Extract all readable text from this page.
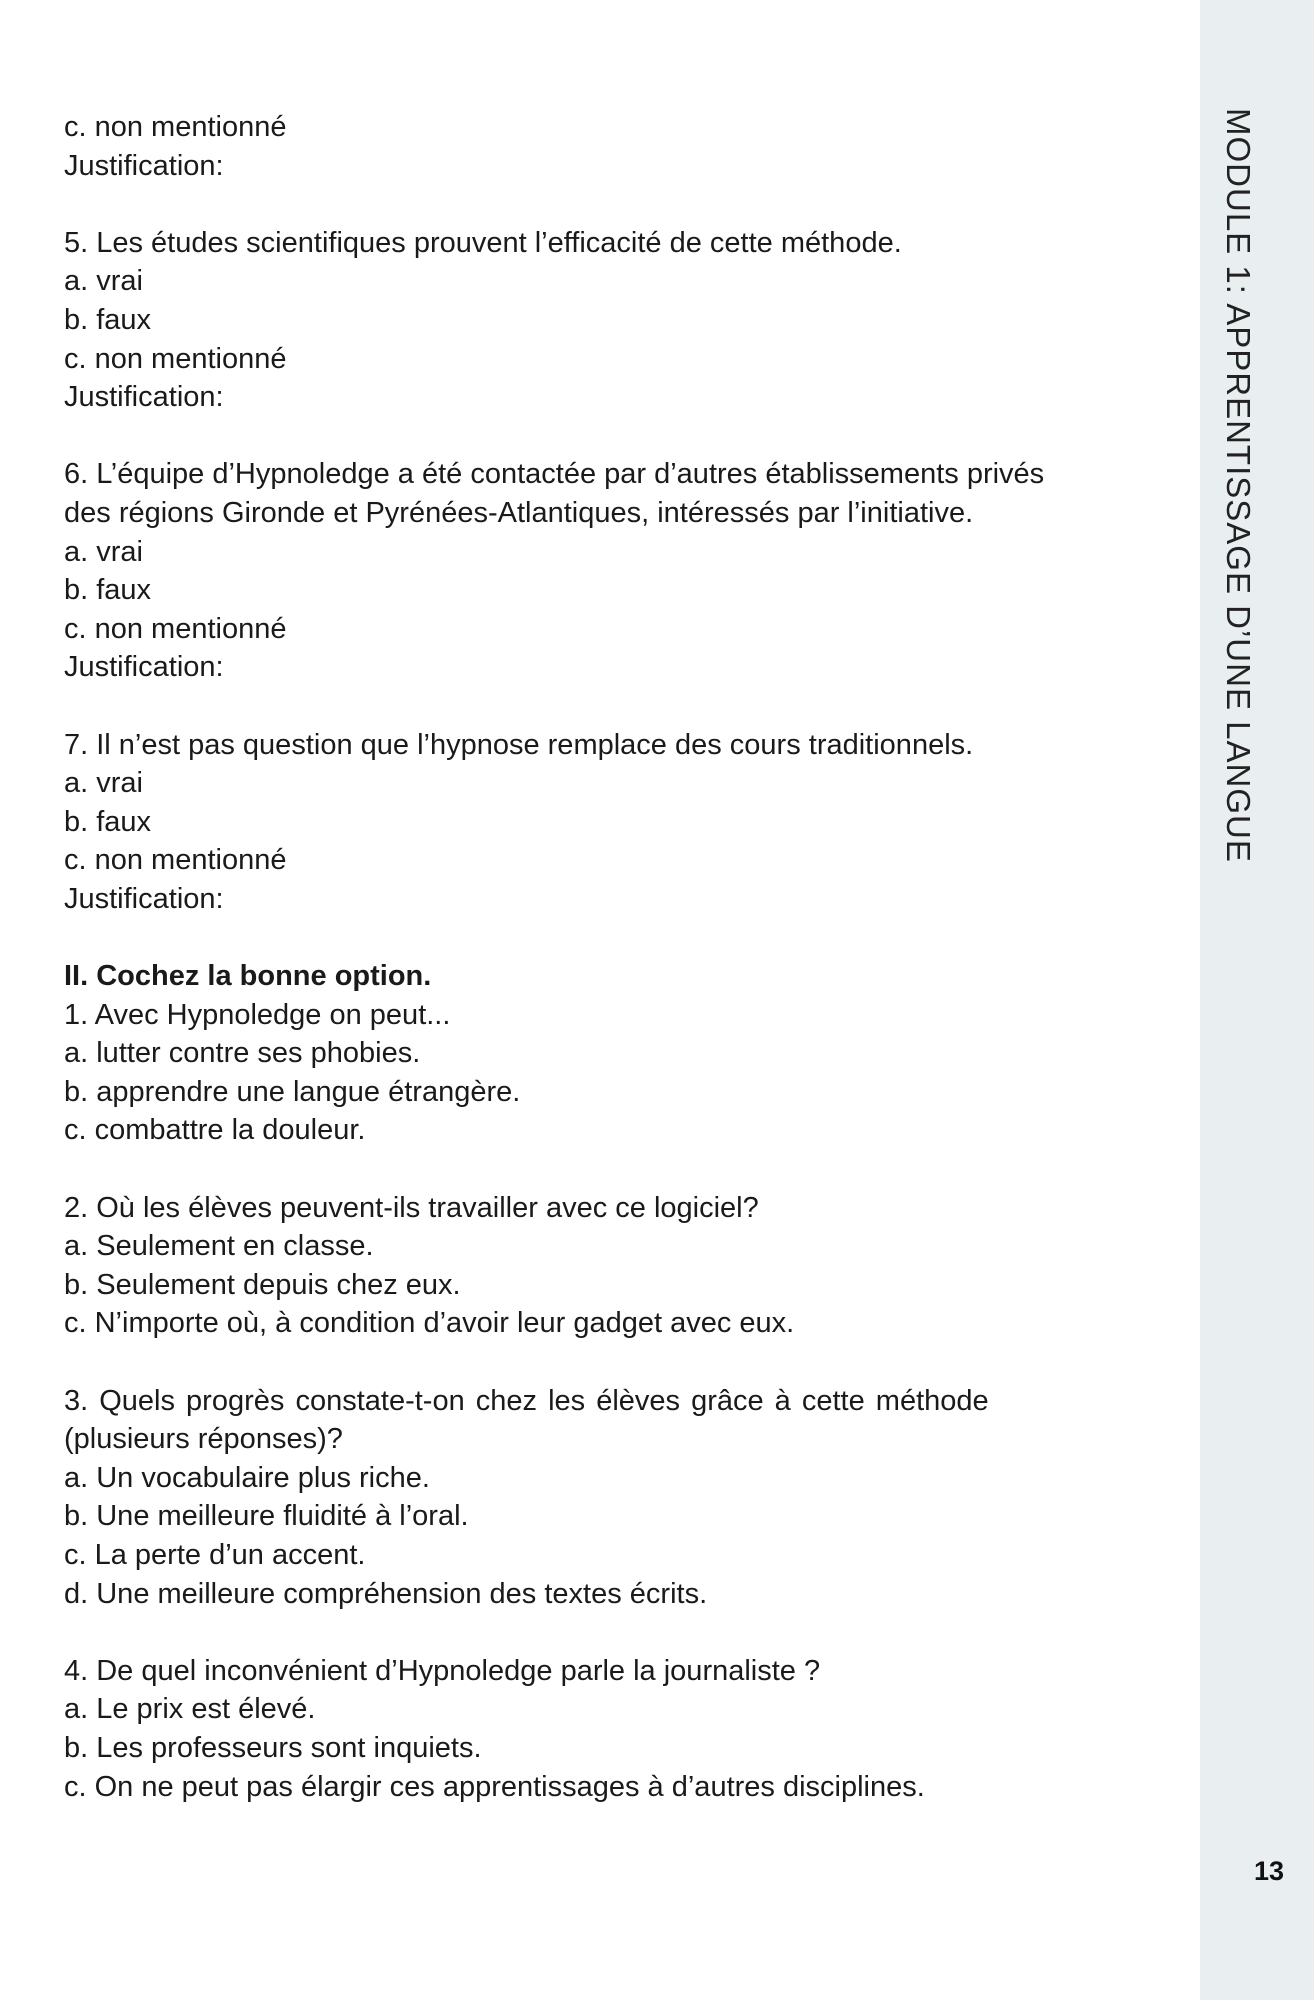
MODULE 1: APPRENTISSAGE D’UNE LANGUE
13
c. non mentionné
Justification:
5. Les études scientifiques prouvent l’efficacité de cette méthode.
a. vrai
b. faux
c. non mentionné
Justification:
6. L’équipe d’Hypnoledge a été contactée par d’autres établissements privés
des régions Gironde et Pyrénées-Atlantiques, intéressés par l’initiative.
a. vrai
b. faux
c. non mentionné
Justification:
7. Il n’est pas question que l’hypnose remplace des cours traditionnels.
a. vrai
b. faux
c. non mentionné
Justification:
II. Cochez la bonne option.
1. Avec Hypnoledge on peut...
a. lutter contre ses phobies.
b. apprendre une langue étrangère.
c. combattre la douleur.
2. Où les élèves peuvent-ils travailler avec ce logiciel?
a. Seulement en classe.
b. Seulement depuis chez eux.
c. N’importe où, à condition d’avoir leur gadget avec eux.
3. Quels progrès constate-t-on chez les élèves grâce à cette méthode
(plusieurs réponses)?
a. Un vocabulaire plus riche.
b. Une meilleure fluidité à l’oral.
c. La perte d’un accent.
d. Une meilleure compréhension des textes écrits.
4. De quel inconvénient d’Hypnoledge parle la journaliste ?
a. Le prix est élevé.
b. Les professeurs sont inquiets.
c. On ne peut pas élargir ces apprentissages à d’autres disciplines.
